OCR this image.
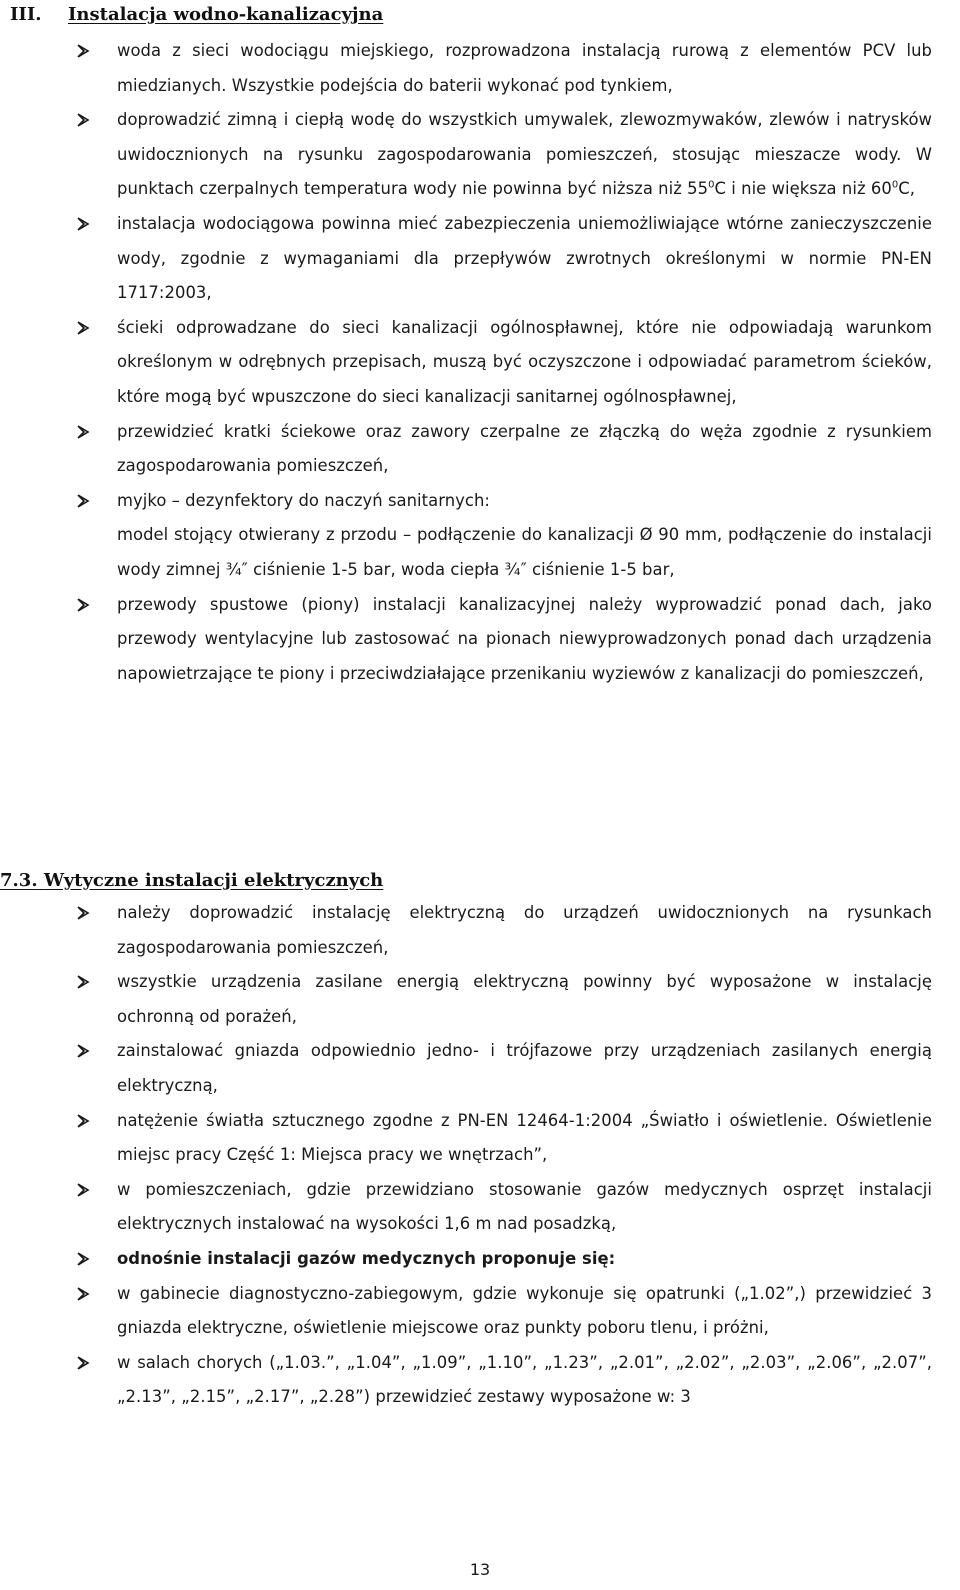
III.	Instalacja wodno-kanalizacyjna
woda z sieci wodociągu miejskiego, rozprowadzona instalacją rurową z elementów PCV lub miedzianych. Wszystkie podejścia do baterii wykonać pod tynkiem,
doprowadzić zimną i ciepłą wodę do wszystkich umywalek, zlewozmywaków, zlewów i natrysków uwidocznionych na rysunku zagospodarowania pomieszczeń, stosując mieszacze wody. W punktach czerpalnych temperatura wody nie powinna być niższa niż $55^0C$ i nie większa niż $60^0C$,
instalacja wodociągowa powinna mieć zabezpieczenia uniemożliwiające wtórne zanieczyszczenie wody, zgodnie z wymaganiami dla przepływów zwrotnych określonymi w normie PN-EN 1717:2003,
ścieki odprowadzane do sieci kanalizacji ogólnospławnej, które nie odpowiadają warunkom określonym w odrębnych przepisach, muszą być oczyszczone i odpowiadać parametrom ścieków, które mogą być wpuszczone do sieci kanalizacji sanitarnej ogólnospławnej,
przewidzieć kratki ściekowe oraz zawory czerpalne ze złączką do węża zgodnie z rysunkiem zagospodarowania pomieszczeń,
myjko – dezynfektory do naczyń sanitarnych:
model stojący otwierany z przodu – podłączenie do kanalizacji Ø 90 mm, podłączenie do instalacji wody zimnej ¾″ ciśnienie 1-5 bar, woda ciepła ¾″ ciśnienie 1-5 bar,
przewody spustowe (piony) instalacji kanalizacyjnej należy wyprowadzić ponad dach, jako przewody wentylacyjne lub zastosować na pionach niewyprowadzonych ponad dach urządzenia napowietrzające te piony i przeciwdziałające przenikaniu wyziewów z kanalizacji do pomieszczeń,
7.3. Wytyczne instalacji elektrycznych
należy doprowadzić instalację elektryczną do urządzeń uwidocznionych na rysunkach zagospodarowania pomieszczeń,
wszystkie urządzenia zasilane energią elektryczną powinny być wyposażone w instalację ochronną od porażeń,
zainstalować gniazda odpowiednio jedno- i trójfazowe przy urządzeniach zasilanych energią elektryczną,
natężenie światła sztucznego zgodne z PN-EN 12464-1:2004 „Światło i oświetlenie. Oświetlenie miejsc pracy Część 1: Miejsca pracy we wnętrzach”,
w pomieszczeniach, gdzie przewidziano stosowanie gazów medycznych osprzęt instalacji elektrycznych instalować na wysokości 1,6 m nad posadzką,
odnośnie instalacji gazów medycznych proponuje się:
w gabinecie diagnostyczno-zabiegowym, gdzie wykonuje się opatrunki („1.02”,) przewidzieć 3 gniazda elektryczne, oświetlenie miejscowe oraz punkty poboru tlenu, i próżni,
w salach chorych („1.03.”, „1.04”, „1.09”, „1.10”, „1.23”, „2.01”, „2.02”, „2.03”, „2.06”, „2.07”, „2.13”, „2.15”, „2.17”, „2.28”) przewidzieć zestawy wyposażone w: 3
13
